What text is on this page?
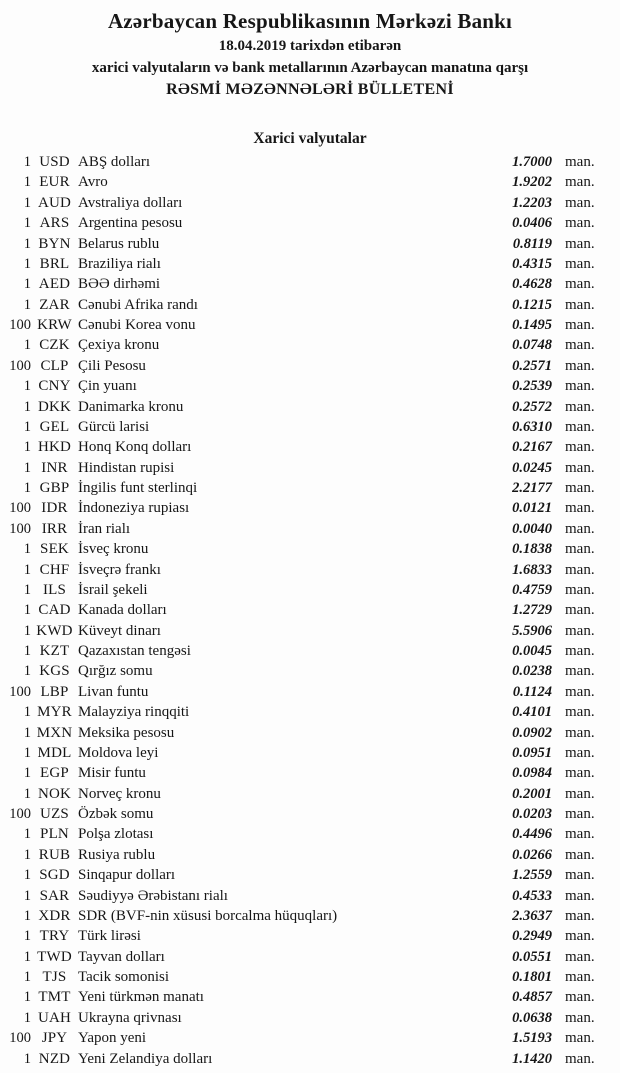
Azərbaycan Respublikasının Mərkəzi Bankı
18.04.2019 tarixdən etibarən
xarici valyutaların və bank metallarının Azərbaycan manatına qarşı
RƏSMİ MƏZƏNNƏLƏRİ BÜLLETENİ
Xarici valyutalar
1 USD ABŞ dolları	1.7000 man.
1 EUR Avro	1.9202 man.
1 AUD Avstraliya dolları	1.2203 man.
1 ARS Argentina pesosu	0.0406 man.
1 BYN Belarus rublu	0.8119 man.
1 BRL Braziliya rialı	0.4315 man.
1 AED BƏƏ dirhəmi	0.4628 man.
1 ZAR Cənubi Afrika randı	0.1215 man.
100 KRW Cənubi Korea vonu	0.1495 man.
1 CZK Çexiya kronu	0.0748 man.
100 CLP Çili Pesosu	0.2571 man.
1 CNY Çin yuanı	0.2539 man.
1 DKK Danimarka kronu	0.2572 man.
1 GEL Gürcü larisi	0.6310 man.
1 HKD Honq Konq dolları	0.2167 man.
1 INR Hindistan rupisi	0.0245 man.
1 GBP İngilis funt sterlinqi	2.2177 man.
100 IDR İndoneziya rupiası	0.0121 man.
100 IRR İran rialı	0.0040 man.
1 SEK İsveç kronu	0.1838 man.
1 CHF İsveçrə frankı	1.6833 man.
1 ILS İsrail şekeli	0.4759 man.
1 CAD Kanada dolları	1.2729 man.
1 KWD Küveyt dinarı	5.5906 man.
1 KZT Qazaxıstan tengəsi	0.0045 man.
1 KGS Qırğız somu	0.0238 man.
100 LBP Livan funtu	0.1124 man.
1 MYR Malayziya rinqqiti	0.4101 man.
1 MXN Meksika pesosu	0.0902 man.
1 MDL Moldova leyi	0.0951 man.
1 EGP Misir funtu	0.0984 man.
1 NOK Norveç kronu	0.2001 man.
100 UZS Özbək somu	0.0203 man.
1 PLN Polşa zlotası	0.4496 man.
1 RUB Rusiya rublu	0.0266 man.
1 SGD Sinqapur dolları	1.2559 man.
1 SAR Səudiyyə Ərəbistanı rialı	0.4533 man.
1 XDR SDR (BVF-nin xüsusi borcalma hüquqları)	2.3637 man.
1 TRY Türk lirəsi	0.2949 man.
1 TWD Tayvan dolları	0.0551 man.
1 TJS Tacik somonisi	0.1801 man.
1 TMT Yeni türkmən manatı	0.4857 man.
1 UAH Ukrayna qrivnası	0.0638 man.
100 JPY Yapon yeni	1.5193 man.
1 NZD Yeni Zelandiya dolları	1.1420 man.
